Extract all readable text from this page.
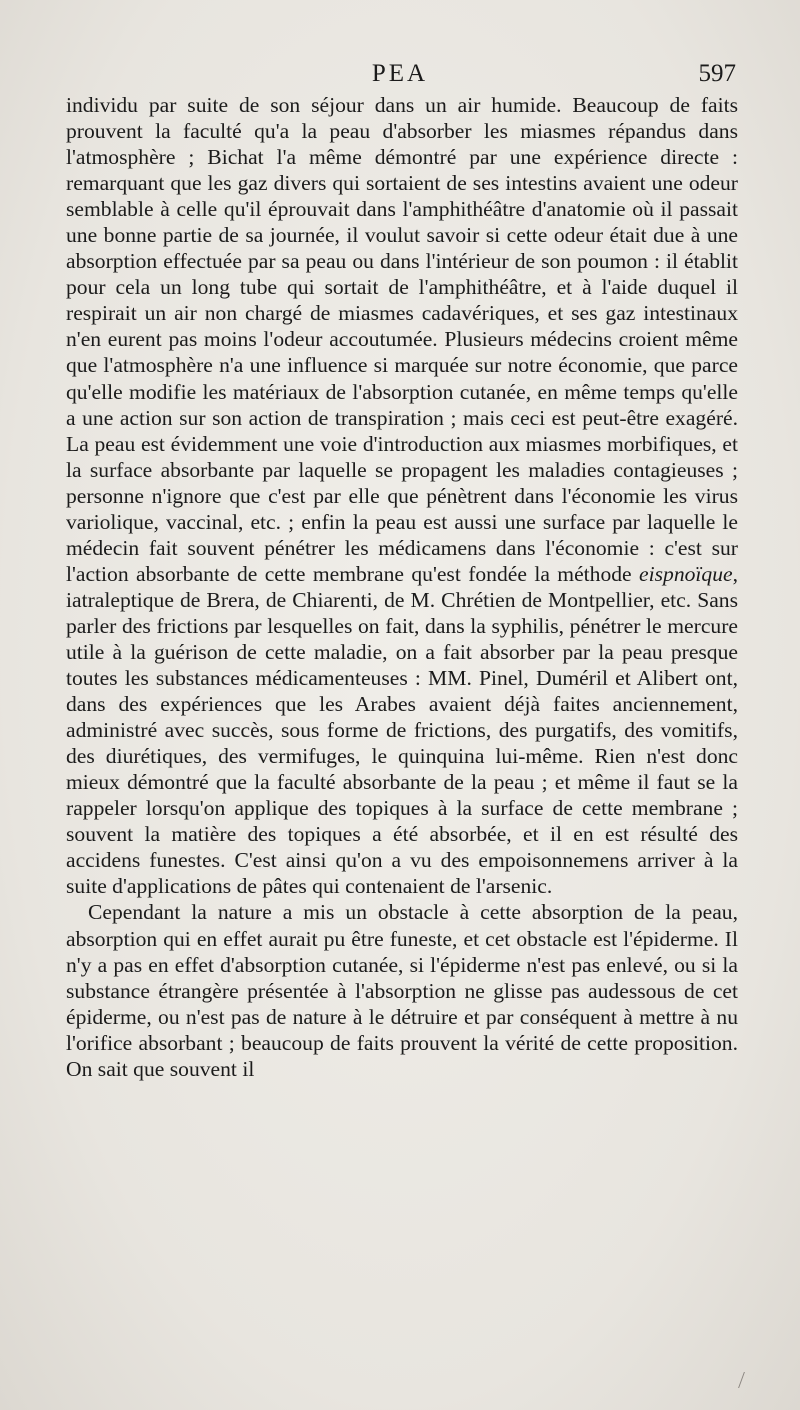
PEA	597

individu par suite de son séjour dans un air humide. Beaucoup de faits prouvent la faculté qu'a la peau d'absorber les miasmes répandus dans l'atmosphère ; Bichat l'a même démontré par une expérience directe : remarquant que les gaz divers qui sortaient de ses intestins avaient une odeur semblable à celle qu'il éprouvait dans l'amphithéâtre d'anatomie où il passait une bonne partie de sa journée, il voulut savoir si cette odeur était due à une absorption effectuée par sa peau ou dans l'intérieur de son poumon : il établit pour cela un long tube qui sortait de l'amphithéâtre, et à l'aide duquel il respirait un air non chargé de miasmes cadavériques, et ses gaz intestinaux n'en eurent pas moins l'odeur accoutumée. Plusieurs médecins croient même que l'atmosphère n'a une influence si marquée sur notre économie, que parce qu'elle modifie les matériaux de l'absorption cutanée, en même temps qu'elle a une action sur son action de transpiration ; mais ceci est peut-être exagéré. La peau est évidemment une voie d'introduction aux miasmes morbifiques, et la surface absorbante par laquelle se propagent les maladies contagieuses ; personne n'ignore que c'est par elle que pénètrent dans l'économie les virus variolique, vaccinal, etc. ; enfin la peau est aussi une surface par laquelle le médecin fait souvent pénétrer les médicamens dans l'économie : c'est sur l'action absorbante de cette membrane qu'est fondée la méthode eispnoïque, iatraleptique de Brera, de Chiarenti, de M. Chrétien de Montpellier, etc. Sans parler des frictions par lesquelles on fait, dans la syphilis, pénétrer le mercure utile à la guérison de cette maladie, on a fait absorber par la peau presque toutes les substances médicamenteuses : MM. Pinel, Duméril et Alibert ont, dans des expériences que les Arabes avaient déjà faites anciennement, administré avec succès, sous forme de frictions, des purgatifs, des vomitifs, des diurétiques, des vermifuges, le quinquina lui-même. Rien n'est donc mieux démontré que la faculté absorbante de la peau ; et même il faut se la rappeler lorsqu'on applique des topiques à la surface de cette membrane ; souvent la matière des topiques a été absorbée, et il en est résulté des accidens funestes. C'est ainsi qu'on a vu des empoisonnemens arriver à la suite d'applications de pâtes qui contenaient de l'arsenic.

Cependant la nature a mis un obstacle à cette absorption de la peau, absorption qui en effet aurait pu être funeste, et cet obstacle est l'épiderme. Il n'y a pas en effet d'absorption cutanée, si l'épiderme n'est pas enlevé, ou si la substance étrangère présentée à l'absorption ne glisse pas audessous de cet épiderme, ou n'est pas de nature à le détruire et par conséquent à mettre à nu l'orifice absorbant ; beaucoup de faits prouvent la vérité de cette proposition. On sait que souvent il
